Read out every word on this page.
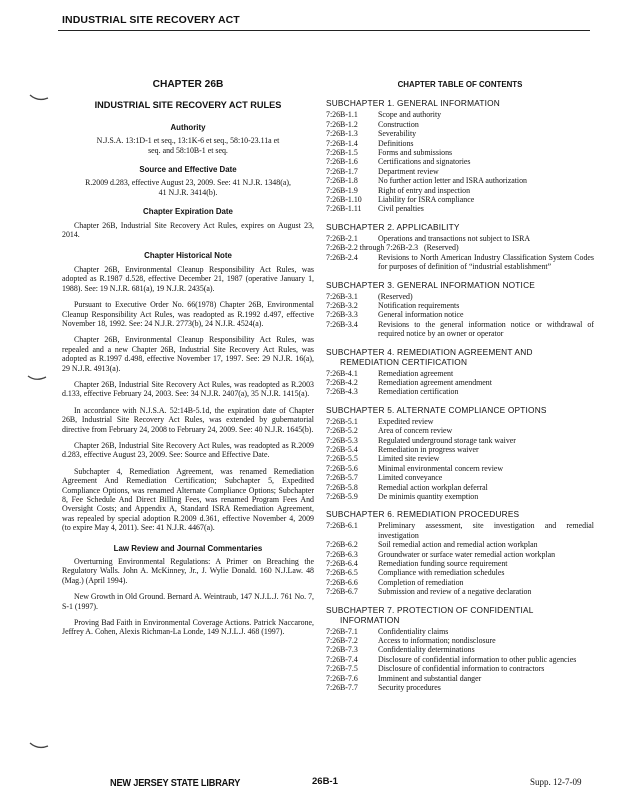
INDUSTRIAL SITE RECOVERY ACT
CHAPTER 26B
INDUSTRIAL SITE RECOVERY ACT RULES
Authority

N.J.S.A. 13:1D-1 et seq., 13:1K-6 et seq., 58:10-23.11a et seq. and 58:10B-1 et seq.

Source and Effective Date

R.2009 d.283, effective August 23, 2009. See: 41 N.J.R. 1348(a), 41 N.J.R. 3414(b).

Chapter Expiration Date

Chapter 26B, Industrial Site Recovery Act Rules, expires on August 23, 2014.

Chapter Historical Note

Chapter 26B, Environmental Cleanup Responsibility Act Rules, was adopted as R.1987 d.528, effective December 21, 1987 (operative January 1, 1988). See: 19 N.J.R. 681(a), 19 N.J.R. 2435(a).

Pursuant to Executive Order No. 66(1978) Chapter 26B, Environmental Cleanup Responsibility Act Rules, was readopted as R.1992 d.497, effective November 18, 1992. See: 24 N.J.R. 2773(b), 24 N.J.R. 4524(a).

Chapter 26B, Environmental Cleanup Responsibility Act Rules, was repealed and a new Chapter 26B, Industrial Site Recovery Act Rules, was adopted as R.1997 d.498, effective November 17, 1997. See: 29 N.J.R. 16(a), 29 N.J.R. 4913(a).

Chapter 26B, Industrial Site Recovery Act Rules, was readopted as R.2003 d.133, effective February 24, 2003. See: 34 N.J.R. 2407(a), 35 N.J.R. 1415(a).

In accordance with N.J.S.A. 52:14B-5.1d, the expiration date of Chapter 26B, Industrial Site Recovery Act Rules, was extended by gubernatorial directive from February 24, 2008 to February 24, 2009. See: 40 N.J.R. 1645(b).

Chapter 26B, Industrial Site Recovery Act Rules, was readopted as R.2009 d.283, effective August 23, 2009. See: Source and Effective Date.

Subchapter 4, Remediation Agreement, was renamed Remediation Agreement And Remediation Certification; Subchapter 5, Expedited Compliance Options, was renamed Alternate Compliance Options; Subchapter 8, Fee Schedule And Direct Billing Fees, was renamed Program Fees And Oversight Costs; and Appendix A, Standard ISRA Remediation Agreement, was repealed by special adoption R.2009 d.361, effective November 4, 2009 (to expire May 4, 2011). See: 41 N.J.R. 4467(a).

Law Review and Journal Commentaries

Overturning Environmental Regulations: A Primer on Breaching the Regulatory Walls. John A. McKinney, Jr., J. Wylie Donald. 160 N.J.Law. 48 (Mag.) (April 1994).

New Growth in Old Ground. Bernard A. Weintraub, 147 N.J.L.J. 761 No. 7, S-1 (1997).

Proving Bad Faith in Environmental Coverage Actions. Patrick Naccarone, Jeffrey A. Cohen, Alexis Richman-La Londe, 149 N.J.L.J. 468 (1997).

CHAPTER TABLE OF CONTENTS
SUBCHAPTER 1. GENERAL INFORMATION
7:26B-1.1	Scope and authority
7:26B-1.2	Construction
7:26B-1.3	Severability
7:26B-1.4	Definitions
7:26B-1.5	Forms and submissions
7:26B-1.6	Certifications and signatories
7:26B-1.7	Department review
7:26B-1.8	No further action letter and ISRA authorization
7:26B-1.9	Right of entry and inspection
7:26B-1.10	Liability for ISRA compliance
7:26B-1.11	Civil penalties
SUBCHAPTER 2. APPLICABILITY
7:26B-2.1	Operations and transactions not subject to ISRA
7:26B-2.2 through 7:26B-2.3 (Reserved)
7:26B-2.4	Revisions to North American Industry Classification System Codes for purposes of definition of “industrial establishment”
SUBCHAPTER 3. GENERAL INFORMATION NOTICE
7:26B-3.1	(Reserved)
7:26B-3.2	Notification requirements
7:26B-3.3	General information notice
7:26B-3.4	Revisions to the general information notice or withdrawal of required notice by an owner or operator
SUBCHAPTER 4. REMEDIATION AGREEMENT AND
REMEDIATION CERTIFICATION
7:26B-4.1	Remediation agreement
7:26B-4.2	Remediation agreement amendment
7:26B-4.3	Remediation certification
SUBCHAPTER 5. ALTERNATE COMPLIANCE OPTIONS
7:26B-5.1	Expedited review
7:26B-5.2	Area of concern review
7:26B-5.3	Regulated underground storage tank waiver
7:26B-5.4	Remediation in progress waiver
7:26B-5.5	Limited site review
7:26B-5.6	Minimal environmental concern review
7:26B-5.7	Limited conveyance
7:26B-5.8	Remedial action workplan deferral
7:26B-5.9	De minimis quantity exemption
SUBCHAPTER 6. REMEDIATION PROCEDURES
7:26B-6.1	Preliminary assessment, site investigation and remedial investigation
7:26B-6.2	Soil remedial action and remedial action workplan
7:26B-6.3	Groundwater or surface water remedial action workplan
7:26B-6.4	Remediation funding source requirement
7:26B-6.5	Compliance with remediation schedules
7:26B-6.6	Completion of remediation
7:26B-6.7	Submission and review of a negative declaration
SUBCHAPTER 7. PROTECTION OF CONFIDENTIAL
INFORMATION
7:26B-7.1	Confidentiality claims
7:26B-7.2	Access to information; nondisclosure
7:26B-7.3	Confidentiality determinations
7:26B-7.4	Disclosure of confidential information to other public agencies
7:26B-7.5	Disclosure of confidential information to contractors
7:26B-7.6	Imminent and substantial danger
7:26B-7.7	Security procedures
NEW JERSEY STATE LIBRARY	26B-1	Supp. 12-7-09
